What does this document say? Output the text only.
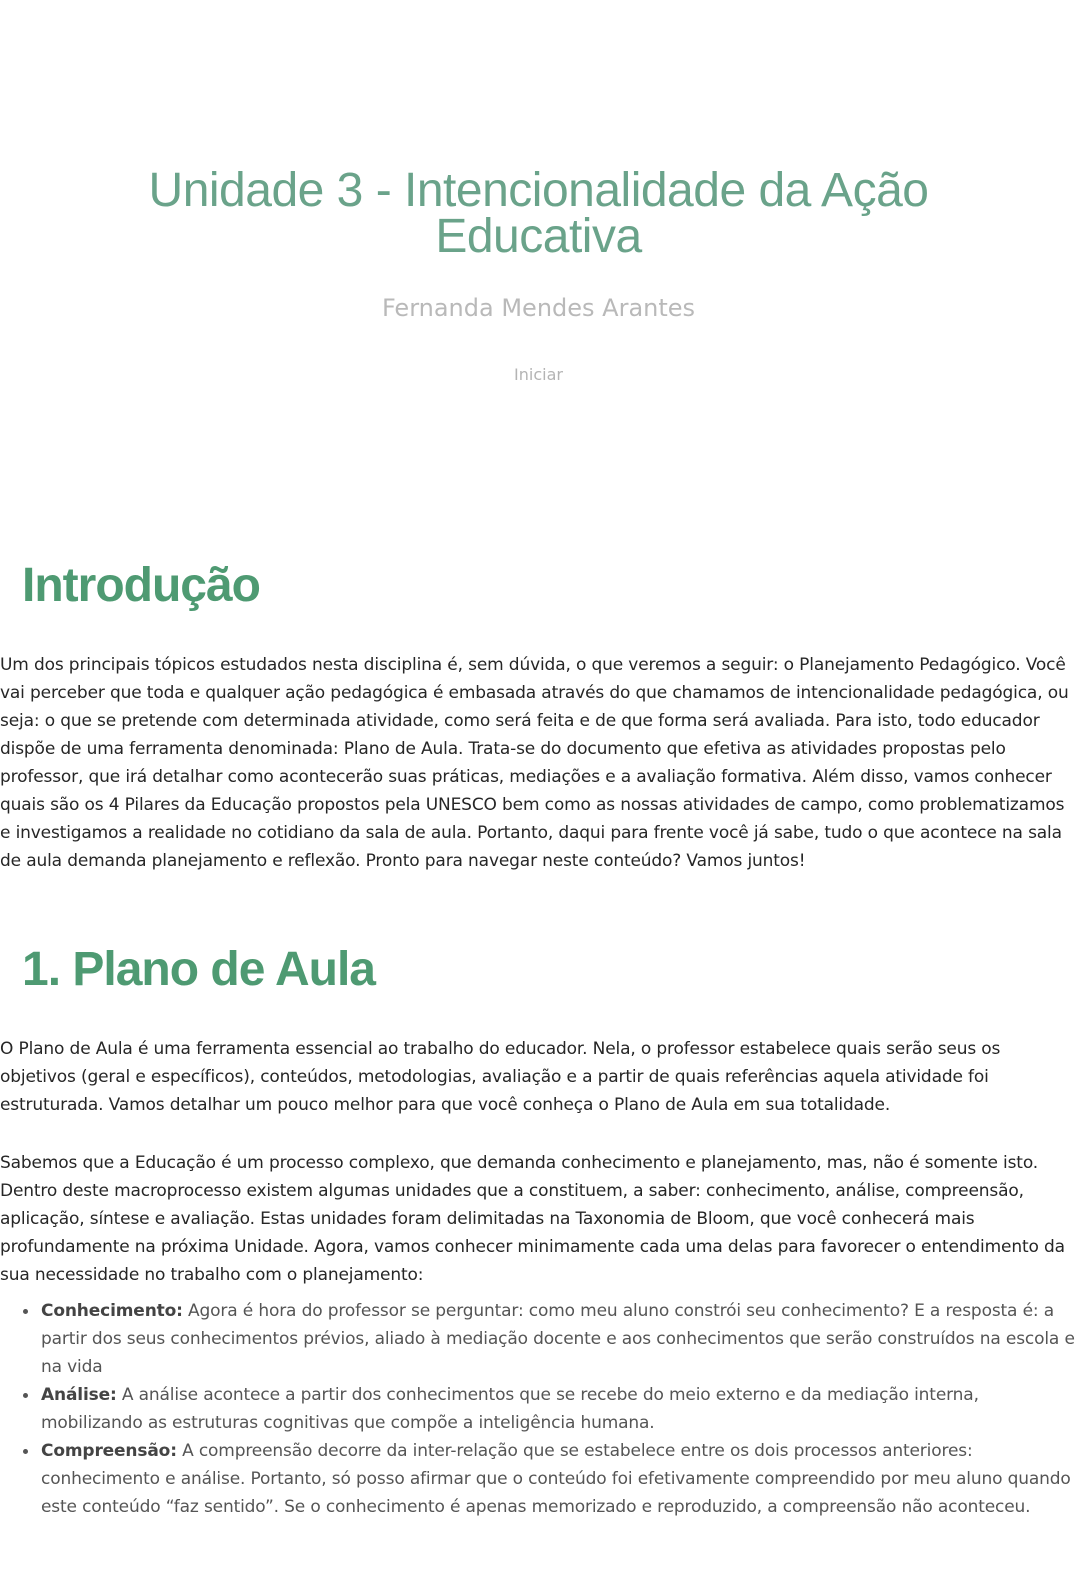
Unidade 3 - Intencionalidade da Ação
Educativa
Fernanda Mendes Arantes
Iniciar
Introdução

Um dos principais tópicos estudados nesta disciplina é, sem dúvida, o que veremos a seguir: o Planejamento Pedagógico. Você vai perceber que toda e qualquer ação pedagógica é embasada através do que chamamos de intencionalidade pedagógica, ou seja: o que se pretende com determinada atividade, como será feita e de que forma será avaliada. Para isto, todo educador dispõe de uma ferramenta denominada: Plano de Aula. Trata-se do documento que efetiva as atividades propostas pelo professor, que irá detalhar como acontecerão suas práticas, mediações e a avaliação formativa. Além disso, vamos conhecer quais são os 4 Pilares da Educação propostos pela UNESCO bem como as nossas atividades de campo, como problematizamos e investigamos a realidade no cotidiano da sala de aula. Portanto, daqui para frente você já sabe, tudo o que acontece na sala de aula demanda planejamento e reflexão. Pronto para navegar neste conteúdo? Vamos juntos!

1. Plano de Aula

O Plano de Aula é uma ferramenta essencial ao trabalho do educador. Nela, o professor estabelece quais serão seus os objetivos (geral e específicos), conteúdos, metodologias, avaliação e a partir de quais referências aquela atividade foi estruturada. Vamos detalhar um pouco melhor para que você conheça o Plano de Aula em sua totalidade.

Sabemos que a Educação é um processo complexo, que demanda conhecimento e planejamento, mas, não é somente isto. Dentro deste macroprocesso existem algumas unidades que a constituem, a saber: conhecimento, análise, compreensão, aplicação, síntese e avaliação. Estas unidades foram delimitadas na Taxonomia de Bloom, que você conhecerá mais profundamente na próxima Unidade. Agora, vamos conhecer minimamente cada uma delas para favorecer o entendimento da sua necessidade no trabalho com o planejamento:

Conhecimento: Agora é hora do professor se perguntar: como meu aluno constrói seu conhecimento? E a resposta é: a partir dos seus conhecimentos prévios, aliado à mediação docente e aos conhecimentos que serão construídos na escola e na vida
Análise: A análise acontece a partir dos conhecimentos que se recebe do meio externo e da mediação interna, mobilizando as estruturas cognitivas que compõe a inteligência humana.
Compreensão: A compreensão decorre da inter-relação que se estabelece entre os dois processos anteriores: conhecimento e análise. Portanto, só posso afirmar que o conteúdo foi efetivamente compreendido por meu aluno quando este conteúdo “faz sentido”. Se o conhecimento é apenas memorizado e reproduzido, a compreensão não aconteceu.
